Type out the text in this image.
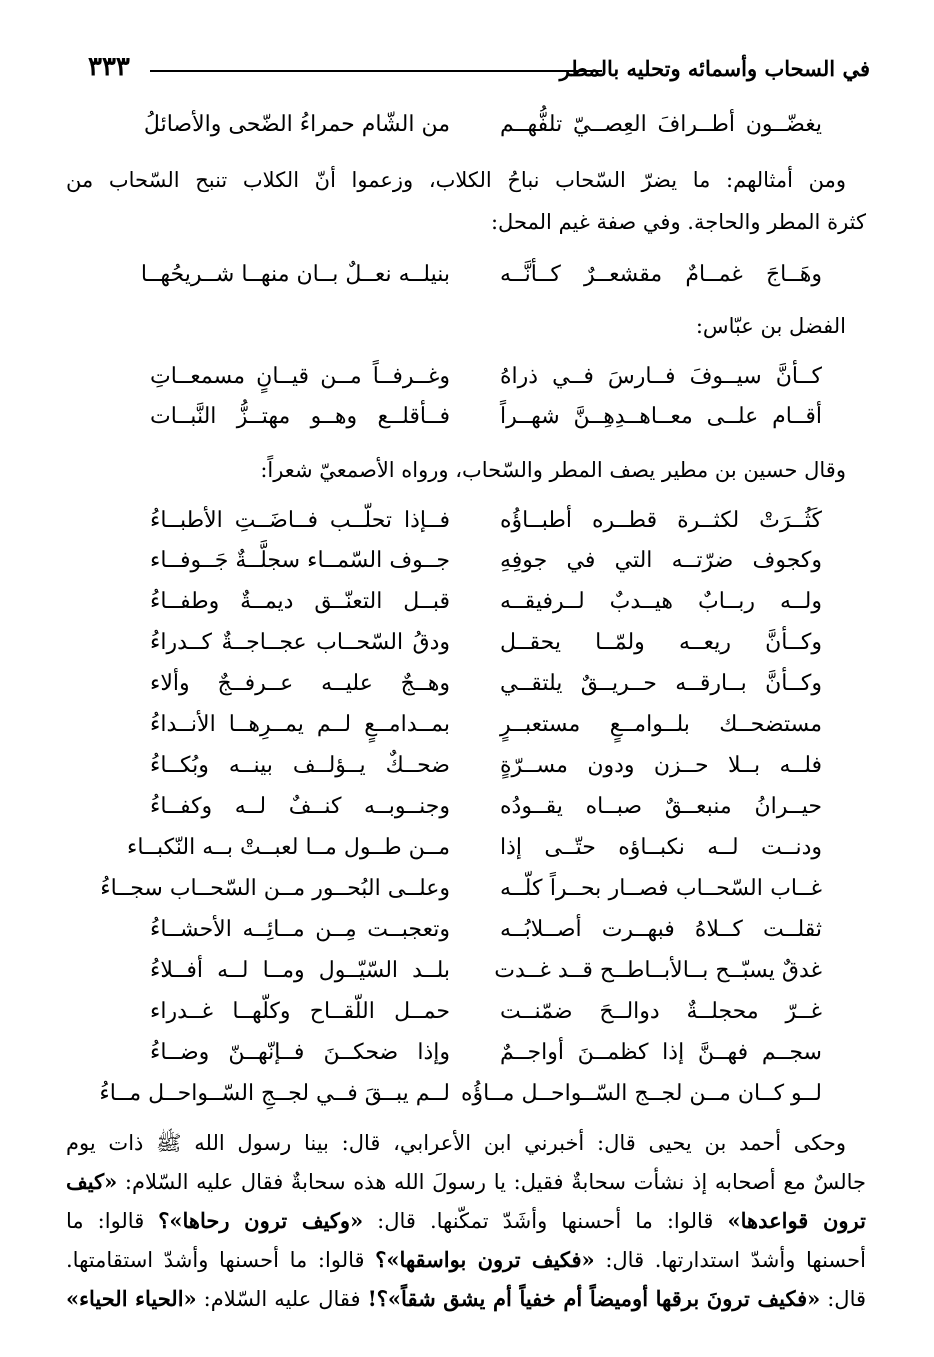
في السحاب وأسمائه وتحليه بالمطر
٣٣٣
يغضّــون أطــرافَ العِصــيّ تلفُّهــم
من الشّام حمراءُ الضّحى والأصائلُ
ومن أمثالهم: ما يضرّ السّحاب نباحُ الكلاب، وزعموا أنّ الكلاب تنبح السّحاب من
كثرة المطر والحاجة. وفي صفة غيم المحل:
وهَــاجَ غمــامٌ مقشعــرٌ كــأنَّــه
بنيلــه نعــلٌ بــان منهــا شــريحُهــا
الفضل بن عبّاس:
كــأنَّ سيــوفَ فــارسَ فــي ذراهُ
وغــرفــاً مــن قيــانٍ مسمعــاتِ
أقــام علــى معــاهــدِهِــنَّ شهــراً
فــأقلــع وهــو مهتــزُّ النَّبــات
وقال حسين بن مطير يصف المطر والسّحاب، ورواه الأصمعيّ شعراً:
كَثُــرَتْ لكثــرة قطــره أطبــاؤُه
فــإذا تحلّــب فــاضَــتِ الأطبــاءُ
وكجوف ضرّتــه التي في جوفِهِ
جــوف السّمــاء سجلَّــةٌ جَــوفــاء
ولــه ربــابٌ هيــدبٌ لــرفيقــه
قبــل التعنّــق ديمــةٌ وطفــاءُ
وكــأنَّ ريعــه ولمّــا يحقــل
ودقُ السّحــاب عجــاجــةٌ كــدراءُ
وكــأنَّ بــارقــه حــريــقٌ يلتقــي
وهــجٌ عليــه عــرفــجٌ وألاء
مستضحــك بلــوامــعٍ مستعبــرٍ
بمــدامــعٍ لــم يمــرِهــا الأنــداءُ
فلــه بــلا حــزن ودون مســرّةٍ
ضحــكٌ يــؤلــف بينــه وبُكــاءُ
حيــرانُ منبعــقٌ صبــاه يقــودُه
وجنــوبــه كنــفٌ لــه وكفــاءُ
ودنــت لــه نكبــاؤه حتّــى إذا
مــن طــول مــا لعبــتْ بــه النّكبــاء
غــاب السّحــاب فصــار بحــراً كلّــه
وعلــى البُحــور مــن السّحــاب سجــاءُ
ثقلــت كــلاهُ فبهــرت أصــلابُــه
وتعجبــت مِــن مــائِــه الأحشــاءُ
غدقٌ يسبّــح بــالأبــاطــح قــد غــدت
بلــد السّيّــول ومــا لــه أفــلاءُ
غــرّ محجلــةٌ دوالــحَ ضمّنــت
حمــل اللّقــاح وكلّهــا غــدراء
سجــم فهــنَّ إذا كظمــنَ أواجــمٌ
وإذا ضحكــنَ فــإنّهــنّ وضــاءُ
لــو كــان مــن لجــج السّــواحــل مــاؤُه
لــم يبــقَ فــي لجــجِ السّــواحــل مــاءُ
وحكى أحمد بن يحيى قال: أخبرني ابن الأعرابي، قال: بينا رسول الله ﷺ ذات يوم
جالسٌ مع أصحابه إذ نشأت سحابةٌ فقيل: يا رسولَ الله هذه سحابةٌ فقال عليه السّلام: «كيف
ترون قواعدها» قالوا: ما أحسنها وأشَدّ تمكّنها. قال: «وكيف ترون رحاها»؟ قالوا: ما
أحسنها وأشدّ استدارتها. قال: «فكيف ترون بواسقها»؟ قالوا: ما أحسنها وأشدّ استقامتها.
قال: «فكيف ترونَ برقها أوميضاً أم خفياً أم يشق شقاً»؟! فقال عليه السّلام: «الحياء الحياء»
